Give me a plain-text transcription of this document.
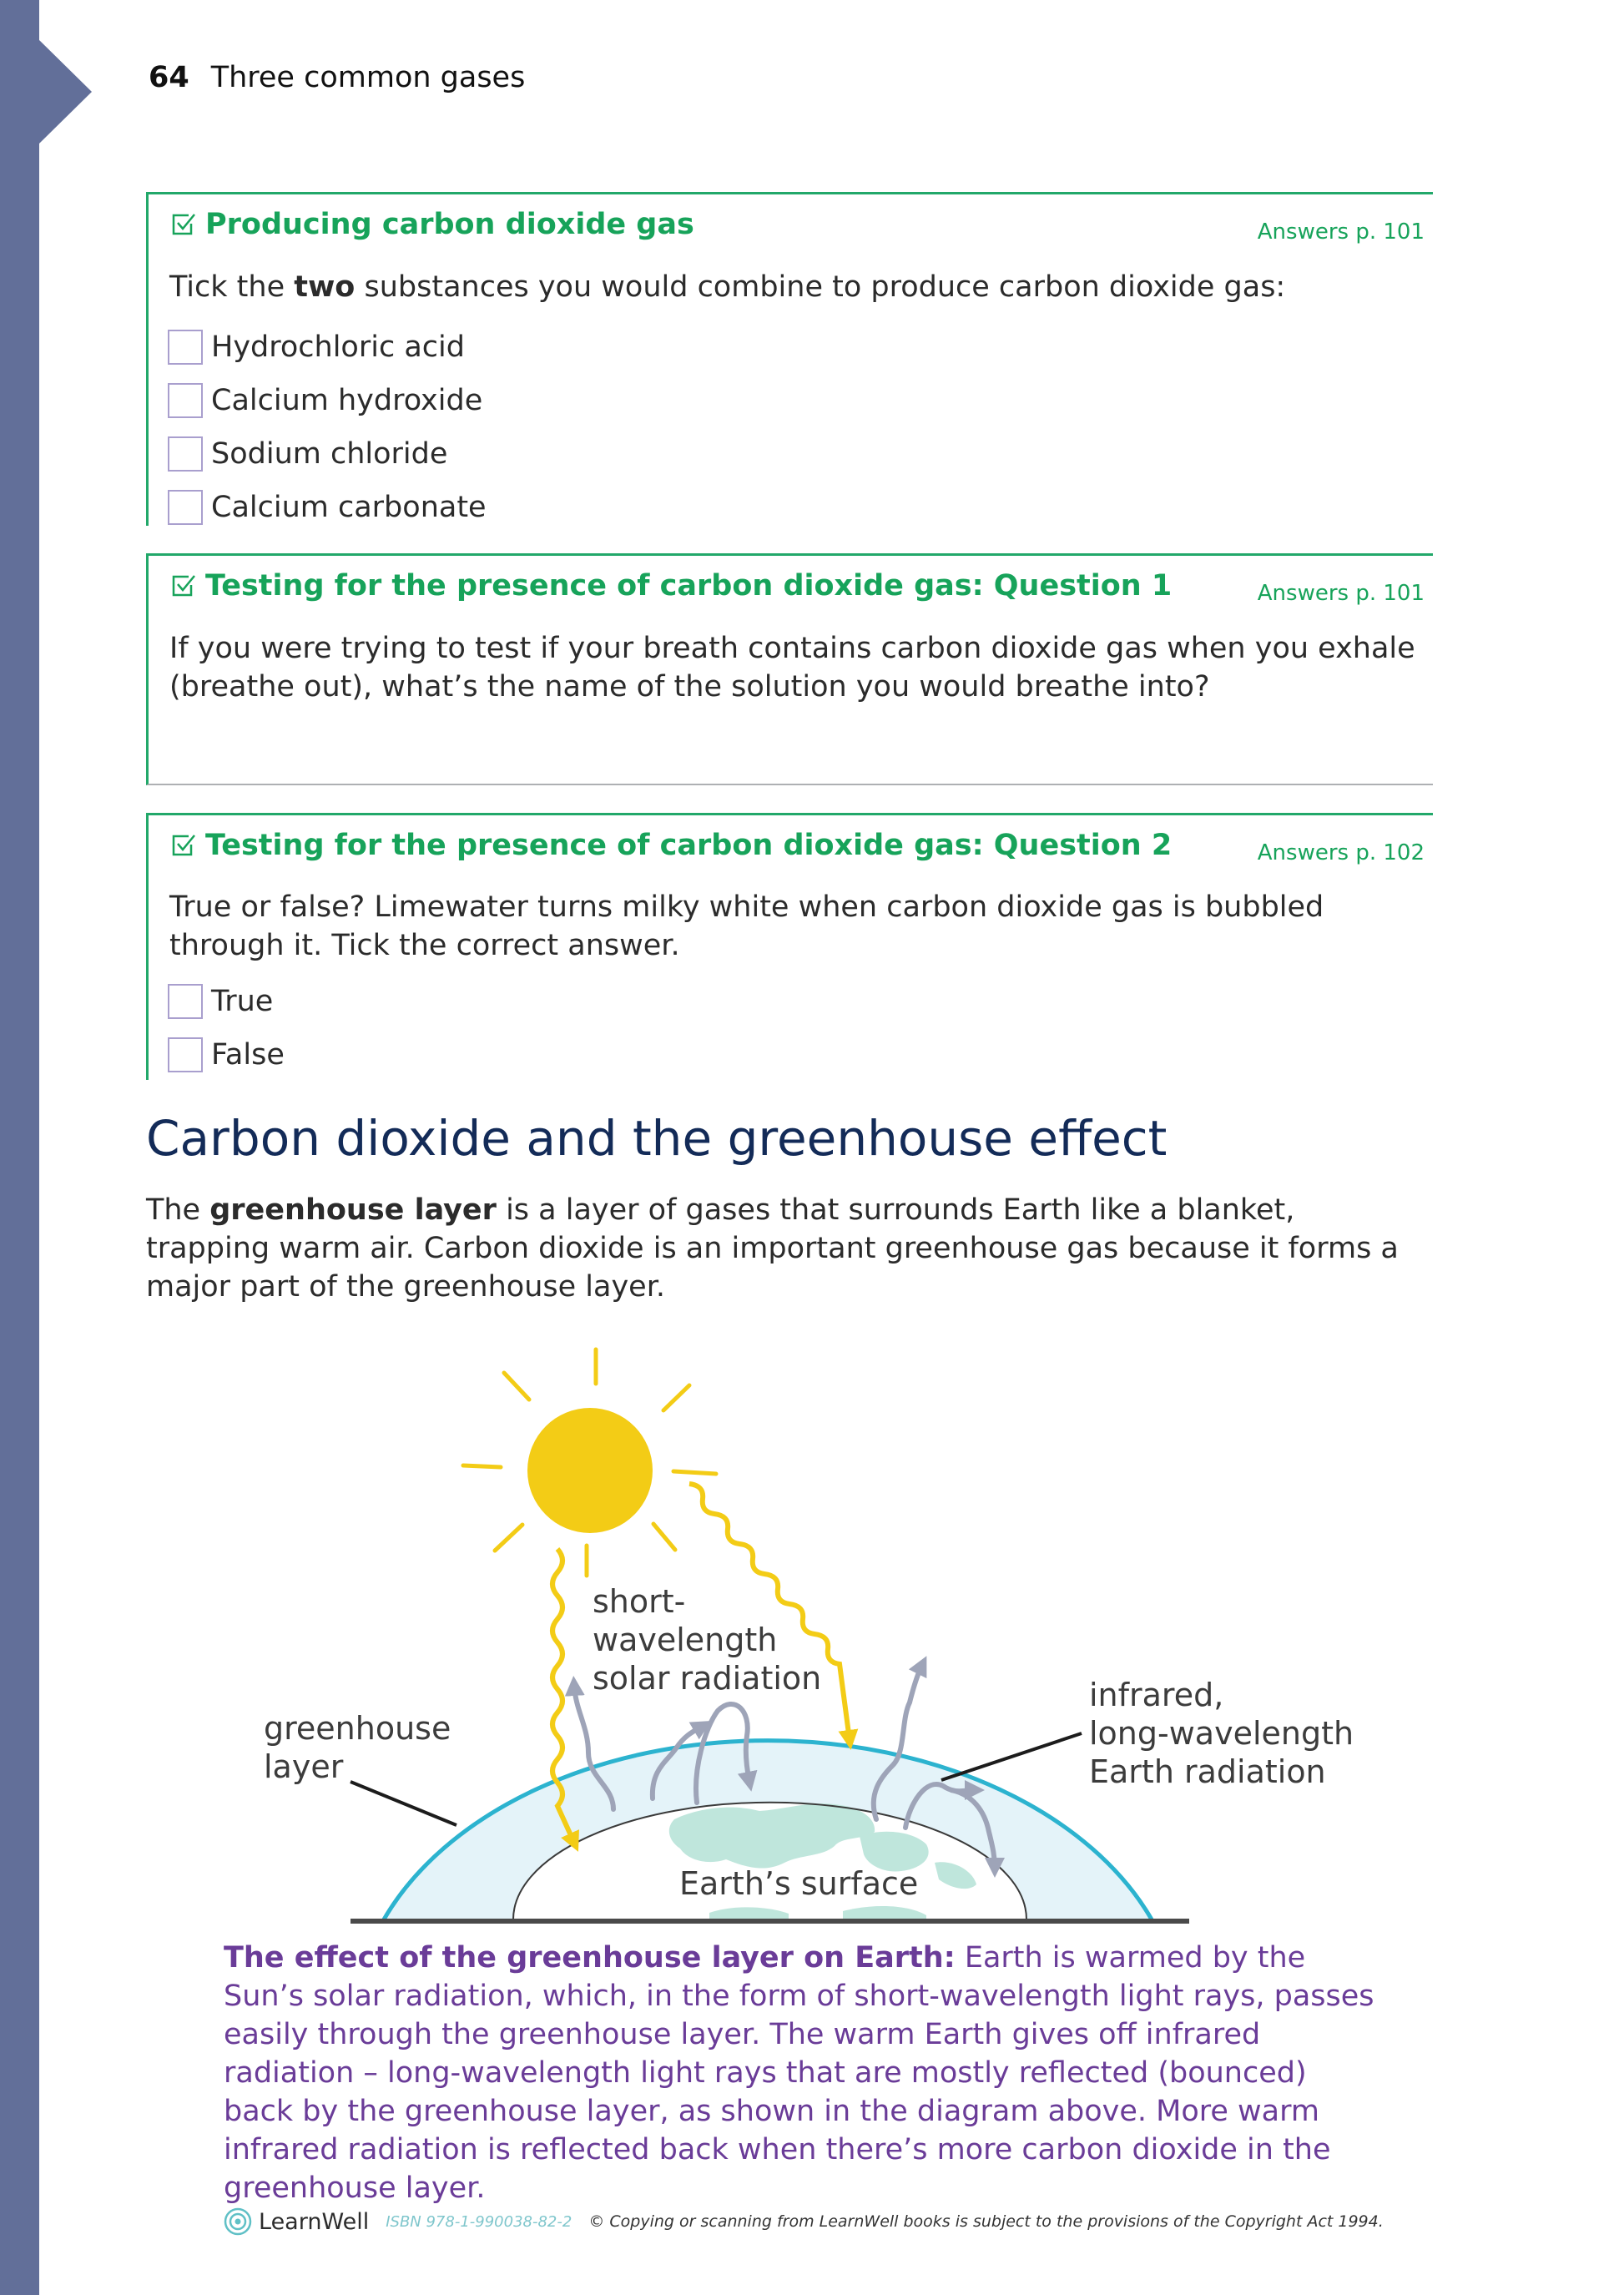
64 Three common gases
Producing carbon dioxide gas	Answers p. 101
Tick the two substances you would combine to produce carbon dioxide gas:
Hydrochloric acid
Calcium hydroxide
Sodium chloride
Calcium carbonate
Testing for the presence of carbon dioxide gas: Question 1	Answers p. 101
If you were trying to test if your breath contains carbon dioxide gas when you exhale (breathe out), what’s the name of the solution you would breathe into?
Testing for the presence of carbon dioxide gas: Question 2	Answers p. 102
True or false? Limewater turns milky white when carbon dioxide gas is bubbled through it. Tick the correct answer.
True
False
Carbon dioxide and the greenhouse effect
The greenhouse layer is a layer of gases that surrounds Earth like a blanket, trapping warm air. Carbon dioxide is an important greenhouse gas because it forms a major part of the greenhouse layer.
short- wavelength solar radiation
greenhouse layer
infrared, long-wavelength Earth radiation
Earth’s surface
The effect of the greenhouse layer on Earth: Earth is warmed by the Sun’s solar radiation, which, in the form of short-wavelength light rays, passes easily through the greenhouse layer. The warm Earth gives off infrared radiation – long-wavelength light rays that are mostly reflected (bounced) back by the greenhouse layer, as shown in the diagram above. More warm infrared radiation is reflected back when there’s more carbon dioxide in the greenhouse layer.
LearnWell ISBN 978-1-990038-82-2 © Copying or scanning from LearnWell books is subject to the provisions of the Copyright Act 1994.
